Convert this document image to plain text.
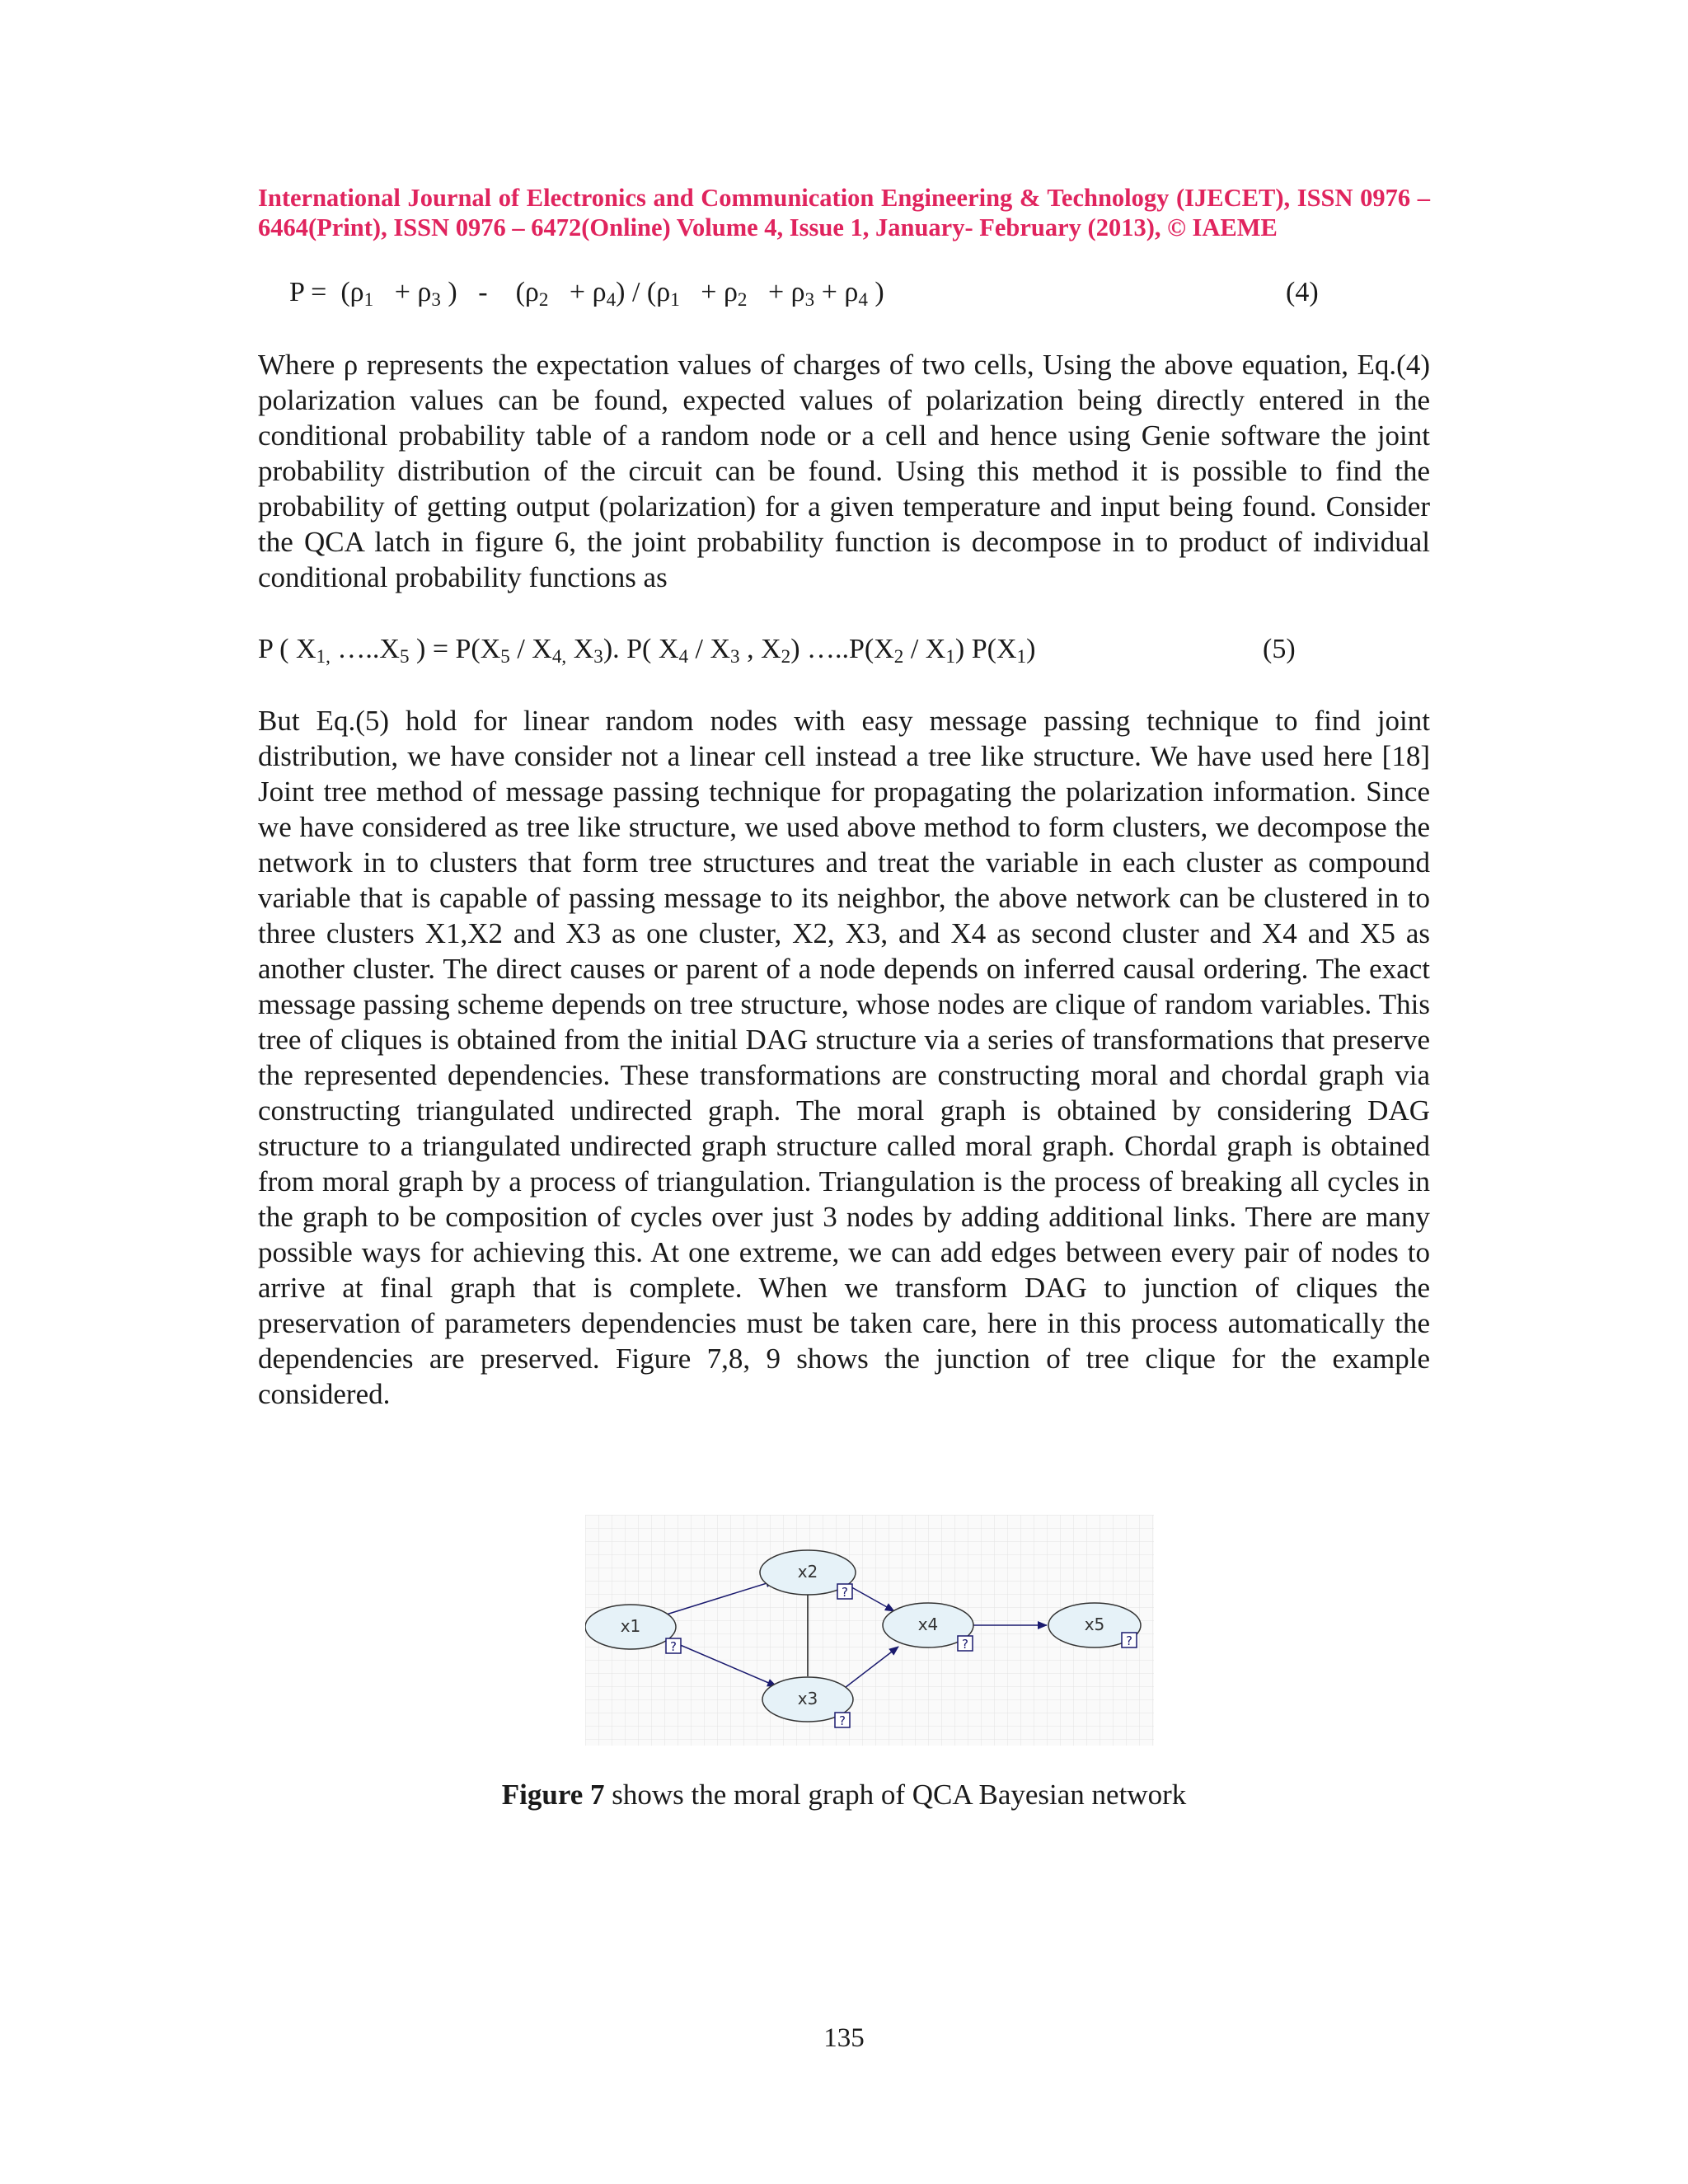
International Journal of Electronics and Communication Engineering & Technology (IJECET), ISSN 0976 – 6464(Print), ISSN 0976 – 6472(Online) Volume 4, Issue 1, January- February (2013), © IAEME
$P = (\rho_1 + \rho_3$ ) - $(\rho_2 + \rho_4) / (\rho_1 + \rho_2 + \rho_3 + \rho_4$ )	(4)

Where ρ represents the expectation values of charges of two cells, Using the above equation, Eq.(4) polarization values can be found, expected values of polarization being directly entered in the conditional probability table of a random node or a cell and hence using Genie software the joint probability distribution of the circuit can be found. Using this method it is possible to find the probability of getting output (polarization) for a given temperature and input being found. Consider the QCA latch in figure 6, the joint probability function is decompose in to product of individual conditional probability functions as

P ( $X_{1,}$ $\dots..X_5$ ) = $P(X_5 / X_{4,}$ $X_3$). P( $X_4 / X_3$ , $X_2$) $\dots..P(X_2 / X_1)$ $P(X_1)$	(5)

But Eq.(5) hold for linear random nodes with easy message passing technique to find joint distribution, we have consider not a linear cell instead a tree like structure. We have used here [18] Joint tree method of message passing technique for propagating the polarization information. Since we have considered as tree like structure, we used above method to form clusters, we decompose the network in to clusters that form tree structures and treat the variable in each cluster as compound variable that is capable of passing message to its neighbor, the above network can be clustered in to three clusters X1,X2 and X3 as one cluster, X2, X3, and X4 as second cluster and X4 and X5 as another cluster. The direct causes or parent of a node depends on inferred causal ordering. The exact message passing scheme depends on tree structure, whose nodes are clique of random variables. This tree of cliques is obtained from the initial DAG structure via a series of transformations that preserve the represented dependencies. These transformations are constructing moral and chordal graph via constructing triangulated undirected graph. The moral graph is obtained by considering DAG structure to a triangulated undirected graph structure called moral graph. Chordal graph is obtained from moral graph by a process of triangulation. Triangulation is the process of breaking all cycles in the graph to be composition of cycles over just 3 nodes by adding additional links. There are many possible ways for achieving this. At one extreme, we can add edges between every pair of nodes to arrive at final graph that is complete. When we transform DAG to junction of cliques the preservation of parameters dependencies must be taken care, here in this process automatically the dependencies are preserved. Figure 7,8, 9 shows the junction of tree clique for the example considered.

x1
?
x2
?
x3
?
x4
?
x5
?
Figure 7 shows the moral graph of QCA Bayesian network
135
